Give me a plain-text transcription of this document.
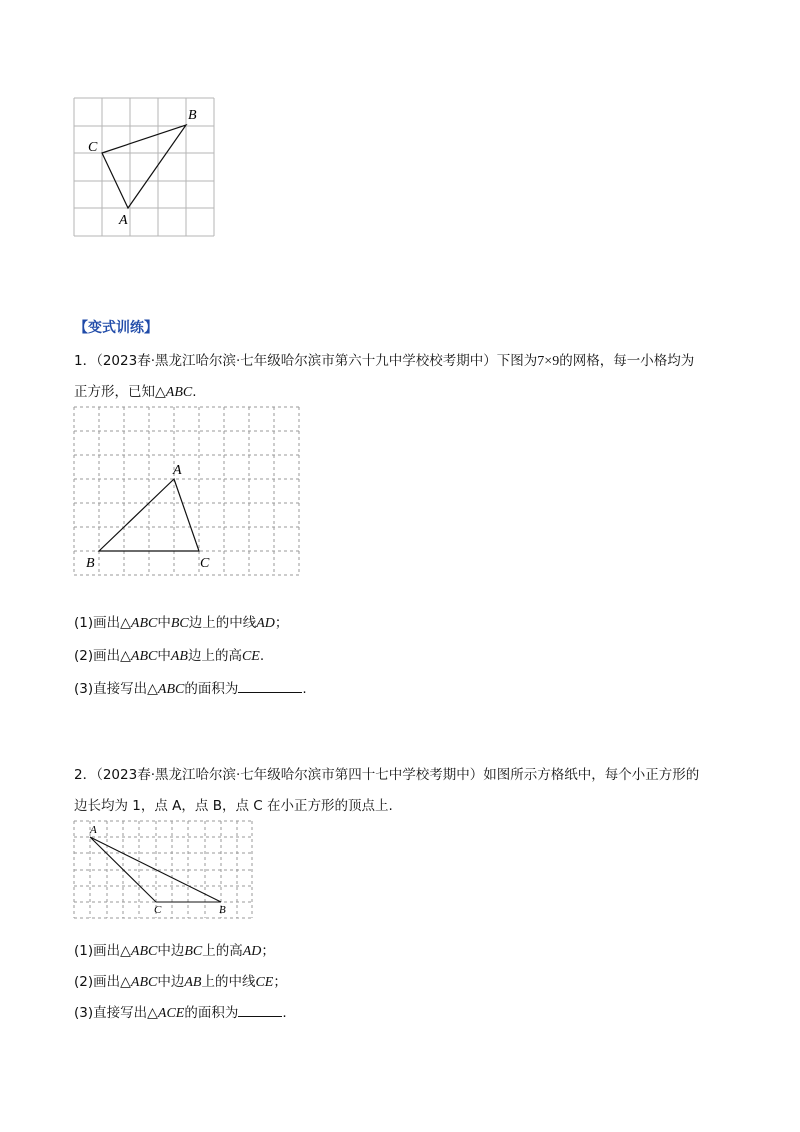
B
C
A
【变式训练】
1．（2023春·黑龙江哈尔滨·七年级哈尔滨市第六十九中学校校考期中）下图为7×9的网格，每一小格均为
正方形，已知△ABC.
A
B	C
(1)画出△ABC中BC边上的中线AD；
(2)画出△ABC中AB边上的高CE.
(3)直接写出△ABC的面积为	.
2．（2023春·黑龙江哈尔滨·七年级哈尔滨市第四十七中学校考期中）如图所示方格纸中，每个小正方形的
边长均为 1，点 A，点 B，点 C 在小正方形的顶点上.
A
C	B
(1)画出△ABC中边BC上的高AD；
(2)画出△ABC中边AB上的中线CE；
(3)直接写出△ACE的面积为	.
